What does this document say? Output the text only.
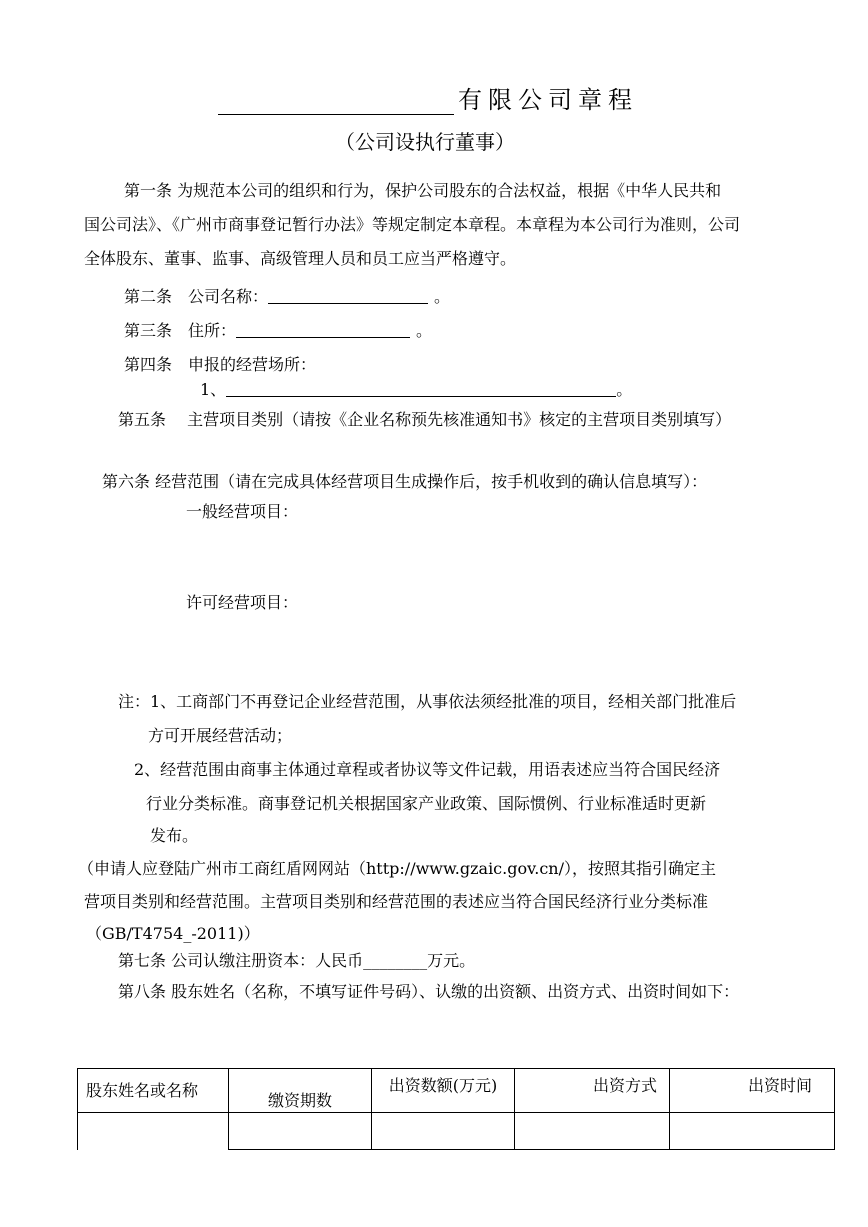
有限公司章程
（公司设执行董事）
第一条 为规范本公司的组织和行为，保护公司股东的合法权益，根据《中华人民共和
国公司法》、《广州市商事登记暂行办法》等规定制定本章程。本章程为本公司行为准则，公司
全体股东、董事、监事、高级管理人员和员工应当严格遵守。
第二条　公司名称：	。
第三条　住所：	。
第四条　申报的经营场所：
1、	。
第五条　 主营项目类别（请按《企业名称预先核准通知书》核定的主营项目类别填写）
第六条 经营范围（请在完成具体经营项目生成操作后，按手机收到的确认信息填写）：
一般经营项目：
许可经营项目：
注：1、工商部门不再登记企业经营范围，从事依法须经批准的项目，经相关部门批准后
方可开展经营活动；
2、经营范围由商事主体通过章程或者协议等文件记载，用语表述应当符合国民经济
行业分类标准。商事登记机关根据国家产业政策、国际惯例、行业标准适时更新
发布。
（申请人应登陆广州市工商红盾网网站（http://www.gzaic.gov.cn/），按照其指引确定主
营项目类别和经营范围。主营项目类别和经营范围的表述应当符合国民经济行业分类标准
（GB/T4754_-2011)）
第七条 公司认缴注册资本：人民币________万元。
第八条 股东姓名（名称，不填写证件号码）、认缴的出资额、出资方式、出资时间如下：
股东姓名或名称	缴资期数	出资数额(万元)	出资方式	出资时间
